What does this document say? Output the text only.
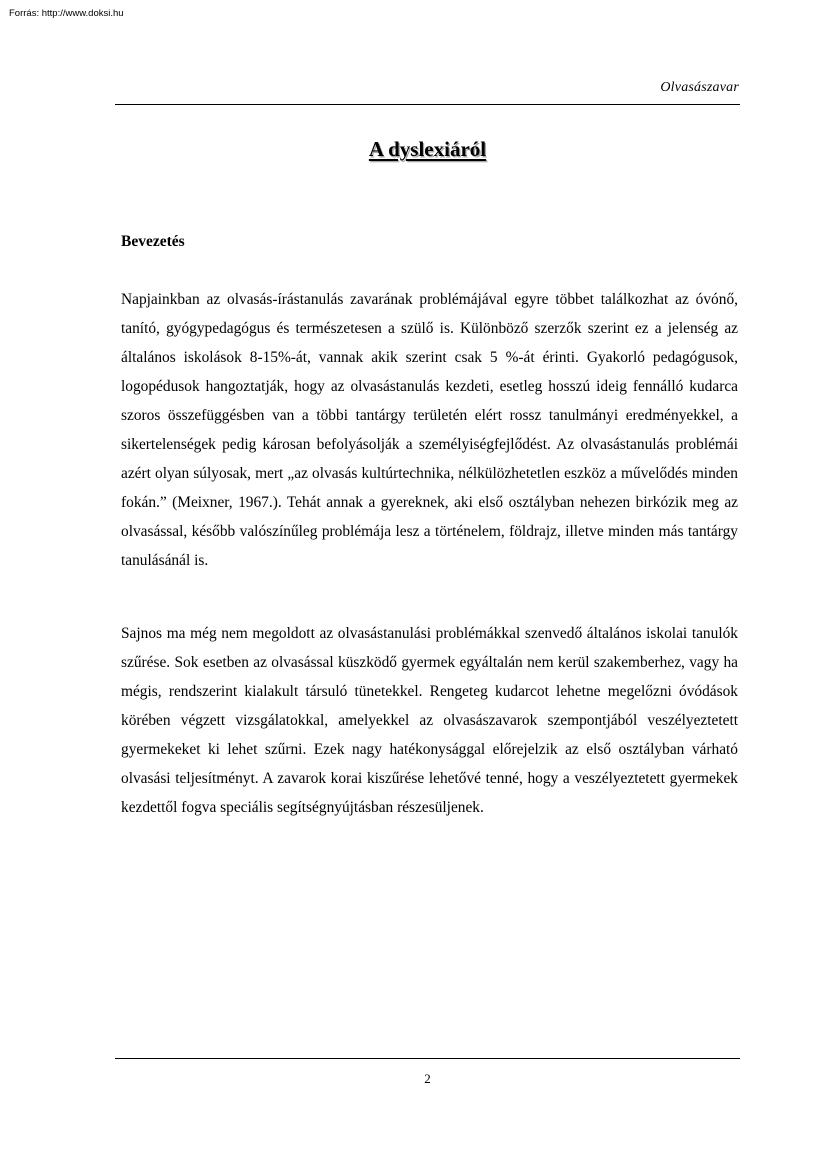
Forrás: http://www.doksi.hu
Olvasászavar
A dyslexiáról
Bevezetés

Napjainkban az olvasás-írástanulás zavarának problémájával egyre többet találkozhat az óvónő, tanító, gyógypedagógus és természetesen a szülő is. Különböző szerzők szerint ez a jelenség az általános iskolások 8-15%-át, vannak akik szerint csak 5 %-át érinti. Gyakorló pedagógusok, logopédusok hangoztatják, hogy az olvasástanulás kezdeti, esetleg hosszú ideig fennálló kudarca szoros összefüggésben van a többi tantárgy területén elért rossz tanulmányi eredményekkel, a sikertelenségek pedig károsan befolyásolják a személyiségfejlődést. Az olvasástanulás problémái azért olyan súlyosak, mert „az olvasás kultúrtechnika, nélkülözhetetlen eszköz a művelődés minden fokán.” (Meixner, 1967.). Tehát annak a gyereknek, aki első osztályban nehezen birkózik meg az olvasással, később valószínűleg problémája lesz a történelem, földrajz, illetve minden más tantárgy tanulásánál is.

Sajnos ma még nem megoldott az olvasástanulási problémákkal szenvedő általános iskolai tanulók szűrése. Sok esetben az olvasással küszködő gyermek egyáltalán nem kerül szakemberhez, vagy ha mégis, rendszerint kialakult társuló tünetekkel. Rengeteg kudarcot lehetne megelőzni óvódások körében végzett vizsgálatokkal, amelyekkel az olvasászavarok szempontjából veszélyeztetett gyermekeket ki lehet szűrni. Ezek nagy hatékonysággal előrejelzik az első osztályban várható olvasási teljesítményt. A zavarok korai kiszűrése lehetővé tenné, hogy a veszélyeztetett gyermekek kezdettől fogva speciális segítségnyújtásban részesüljenek.

2
